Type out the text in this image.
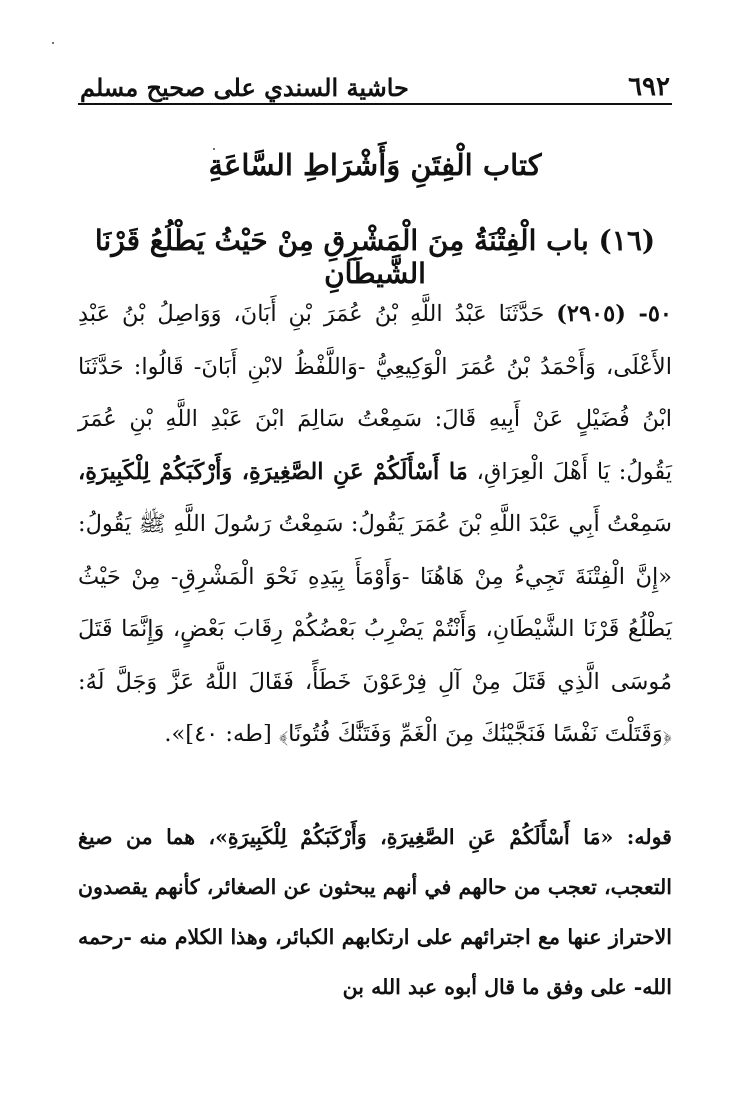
٦٩٢
حاشية السندي على صحيح مسلم
كتاب الْفِتَنِ وَأَشْرَاطِ السَّاعَةِ
(١٦) باب الْفِتْنَةُ مِنَ الْمَشْرِقِ مِنْ حَيْثُ يَطْلُعُ قَرْنَا الشَّيطَانِ
٥٠- (٢٩٠٥) حَدَّثَنَا عَبْدُ اللَّهِ بْنُ عُمَرَ بْنِ أَبَانَ، وَوَاصِلُ بْنُ عَبْدِ الأَعْلَى، وَأَحْمَدُ بْنُ عُمَرَ الْوَكِيعِيُّ -وَاللَّفْظُ لابْنِ أَبَانَ- قَالُوا: حَدَّثَنَا ابْنُ فُضَيْلٍ عَنْ أَبِيهِ قَالَ: سَمِعْتُ سَالِمَ ابْنَ عَبْدِ اللَّهِ بْنِ عُمَرَ يَقُولُ: يَا أَهْلَ الْعِرَاقِ، مَا أَسْأَلَكُمْ عَنِ الصَّغِيرَةِ، وَأَرْكَبَكُمْ لِلْكَبِيرَةِ، سَمِعْتُ أَبِي عَبْدَ اللَّهِ بْنَ عُمَرَ يَقُولُ: سَمِعْتُ رَسُولَ اللَّهِ ﷺ يَقُولُ: «إِنَّ الْفِتْنَةَ تَجِيءُ مِنْ هَاهُنَا -وَأَوْمَأَ بِيَدِهِ نَحْوَ الْمَشْرِقِ- مِنْ حَيْثُ يَطْلُعُ قَرْنَا الشَّيْطَانِ، وَأَنْتُمْ يَضْرِبُ بَعْضُكُمْ رِقَابَ بَعْضٍ، وَإِنَّمَا قَتَلَ مُوسَى الَّذِي قَتَلَ مِنْ آلِ فِرْعَوْنَ خَطَأً، فَقَالَ اللَّهُ عَزَّ وَجَلَّ لَهُ: ﴿وَقَتَلْتَ نَفْسًا فَنَجَّيْنَٰكَ مِنَ الْغَمِّ وَفَتَنَّٰكَ فُتُونًا﴾ [طه: ٤٠]».
قوله: «مَا أَسْأَلَكُمْ عَنِ الصَّغِيرَةِ، وَأَرْكَبَكُمْ لِلْكَبِيرَةِ»، هما من صيغ التعجب، تعجب من حالهم في أنهم يبحثون عن الصغائر، كأنهم يقصدون الاحتراز عنها مع اجترائهم على ارتكابهم الكبائر، وهذا الكلام منه -رحمه الله- على وفق ما قال أبوه عبد الله بن
